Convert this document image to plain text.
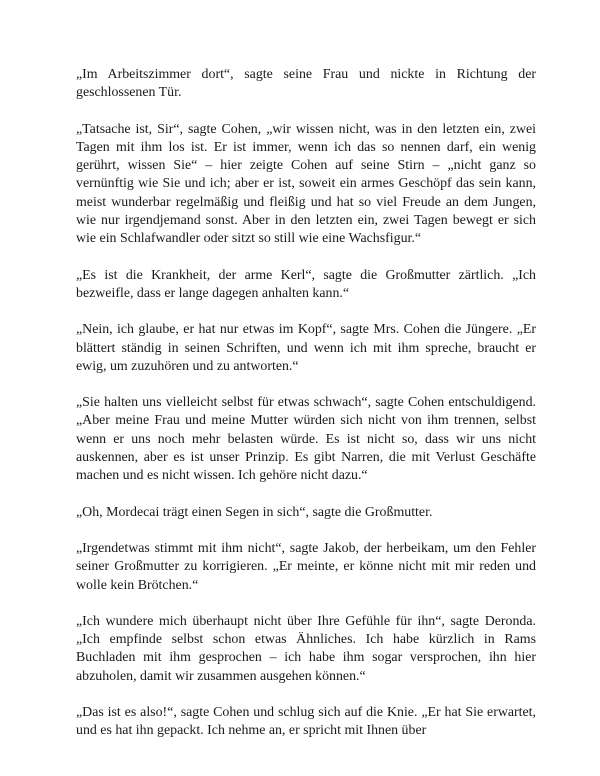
„Im Arbeitszimmer dort“, sagte seine Frau und nickte in Richtung der geschlossenen Tür.

„Tatsache ist, Sir“, sagte Cohen, „wir wissen nicht, was in den letzten ein, zwei Tagen mit ihm los ist. Er ist immer, wenn ich das so nennen darf, ein wenig gerührt, wissen Sie“ – hier zeigte Cohen auf seine Stirn – „nicht ganz so vernünftig wie Sie und ich; aber er ist, soweit ein armes Geschöpf das sein kann, meist wunderbar regelmäßig und fleißig und hat so viel Freude an dem Jungen, wie nur irgendjemand sonst. Aber in den letzten ein, zwei Tagen bewegt er sich wie ein Schlafwandler oder sitzt so still wie eine Wachsfigur.“

„Es ist die Krankheit, der arme Kerl“, sagte die Großmutter zärtlich. „Ich bezweifle, dass er lange dagegen anhalten kann.“

„Nein, ich glaube, er hat nur etwas im Kopf“, sagte Mrs. Cohen die Jüngere. „Er blättert ständig in seinen Schriften, und wenn ich mit ihm spreche, braucht er ewig, um zuzuhören und zu antworten.“

„Sie halten uns vielleicht selbst für etwas schwach“, sagte Cohen entschuldigend. „Aber meine Frau und meine Mutter würden sich nicht von ihm trennen, selbst wenn er uns noch mehr belasten würde. Es ist nicht so, dass wir uns nicht auskennen, aber es ist unser Prinzip. Es gibt Narren, die mit Verlust Geschäfte machen und es nicht wissen. Ich gehöre nicht dazu.“

„Oh, Mordecai trägt einen Segen in sich“, sagte die Großmutter.

„Irgendetwas stimmt mit ihm nicht“, sagte Jakob, der herbeikam, um den Fehler seiner Großmutter zu korrigieren. „Er meinte, er könne nicht mit mir reden und wolle kein Brötchen.“

„Ich wundere mich überhaupt nicht über Ihre Gefühle für ihn“, sagte Deronda. „Ich empfinde selbst schon etwas Ähnliches. Ich habe kürzlich in Rams Buchladen mit ihm gesprochen – ich habe ihm sogar versprochen, ihn hier abzuholen, damit wir zusammen ausgehen können.“

„Das ist es also!“, sagte Cohen und schlug sich auf die Knie. „Er hat Sie erwartet, und es hat ihn gepackt. Ich nehme an, er spricht mit Ihnen über
